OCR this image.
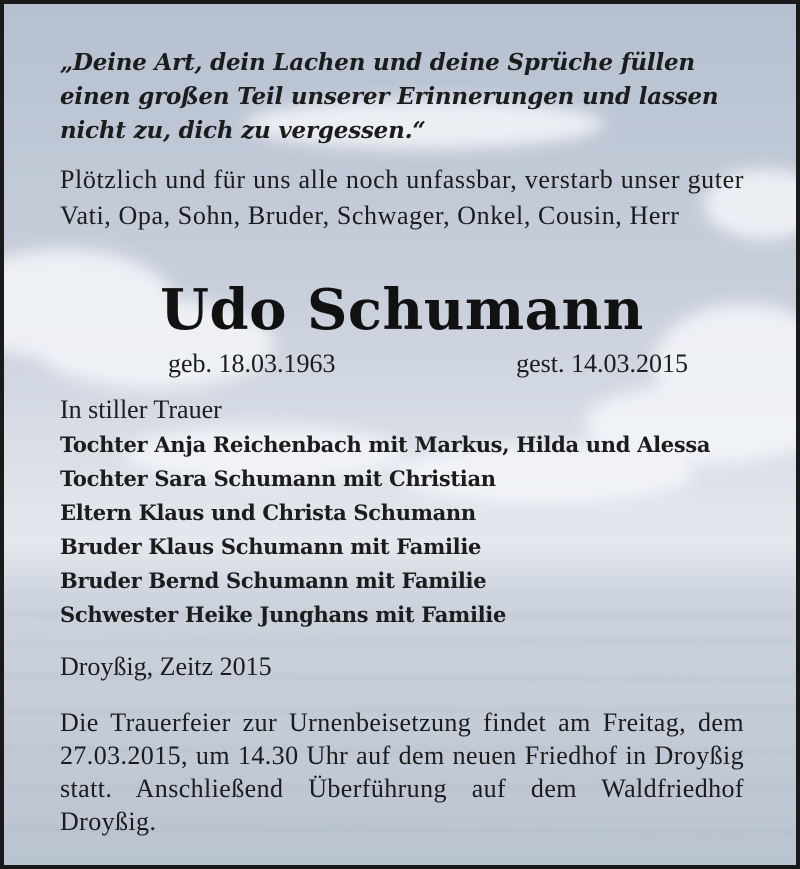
„Deine Art, dein Lachen und deine Sprüche füllen einen großen Teil unserer Erinnerungen und lassen nicht zu, dich zu vergessen.“
Plötzlich und für uns alle noch unfassbar, verstarb unser guter Vati, Opa, Sohn, Bruder, Schwager, Onkel, Cousin, Herr
Udo Schumann
geb. 18.03.1963	gest. 14.03.2015
In stiller Trauer
Tochter Anja Reichenbach mit Markus, Hilda und Alessa
Tochter Sara Schumann mit Christian
Eltern Klaus und Christa Schumann
Bruder Klaus Schumann mit Familie
Bruder Bernd Schumann mit Familie
Schwester Heike Junghans mit Familie
Droyßig, Zeitz 2015
Die Trauerfeier zur Urnenbeisetzung findet am Freitag, dem 27.03.2015, um 14.30 Uhr auf dem neuen Friedhof in Droyßig statt. Anschließend Überführung auf dem Waldfriedhof Droyßig.
